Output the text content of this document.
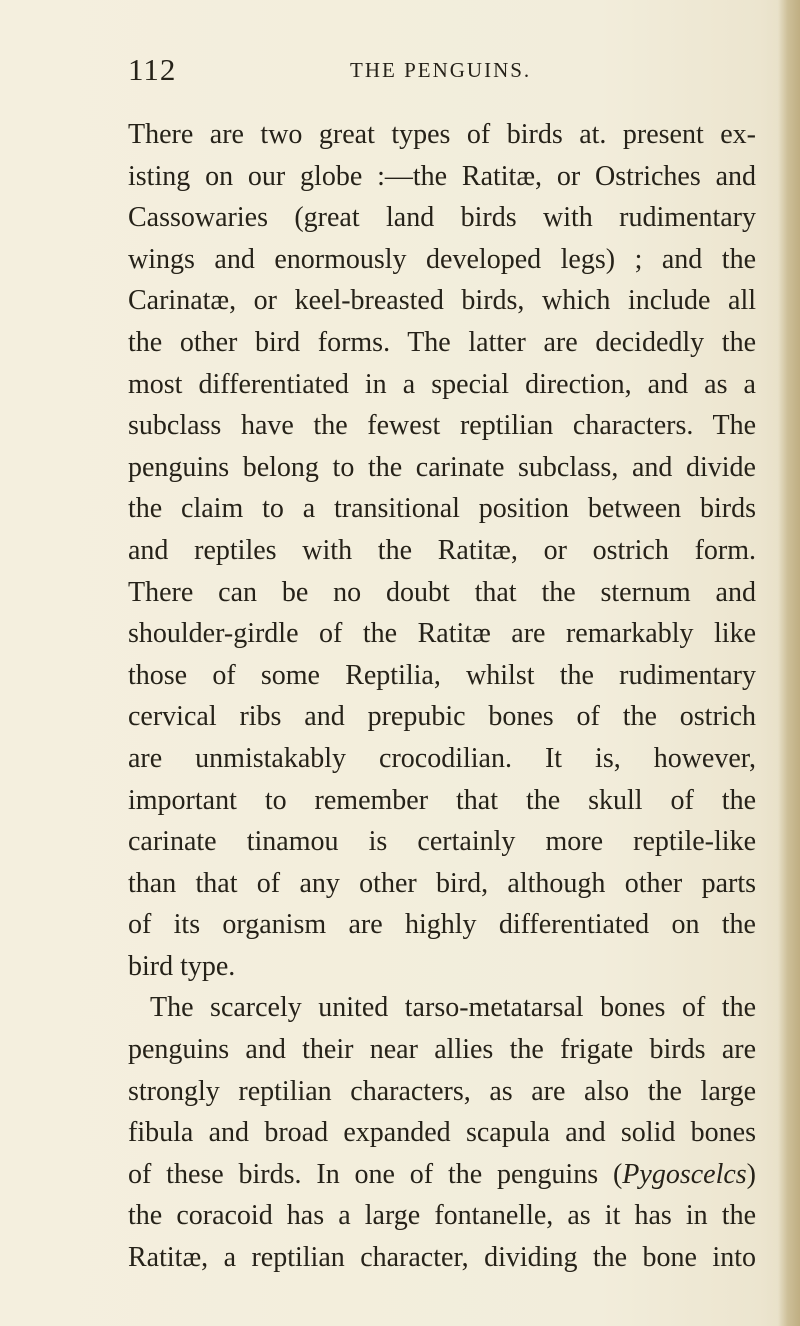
112	THE PENGUINS.
There are two great types of birds at. present ex-
isting on our globe :—the Ratitæ, or Ostriches and
Cassowaries (great land birds with rudimentary
wings and enormously developed legs) ; and the
Carinatæ, or keel-breasted birds, which include all
the other bird forms. The latter are decidedly the
most differentiated in a special direction, and as a
subclass have the fewest reptilian characters. The
penguins belong to the carinate subclass, and divide
the claim to a transitional position between birds
and reptiles with the Ratitæ, or ostrich form.
There can be no doubt that the sternum and
shoulder-girdle of the Ratitæ are remarkably like
those of some Reptilia, whilst the rudimentary
cervical ribs and prepubic bones of the ostrich
are unmistakably crocodilian. It is, however,
important to remember that the skull of the
carinate tinamou is certainly more reptile-like
than that of any other bird, although other parts
of its organism are highly differentiated on the
bird type.
The scarcely united tarso-metatarsal bones of the
penguins and their near allies the frigate birds are
strongly reptilian characters, as are also the large
fibula and broad expanded scapula and solid bones
of these birds. In one of the penguins (Pygoscelcs)
the coracoid has a large fontanelle, as it has in the
Ratitæ, a reptilian character, dividing the bone into
